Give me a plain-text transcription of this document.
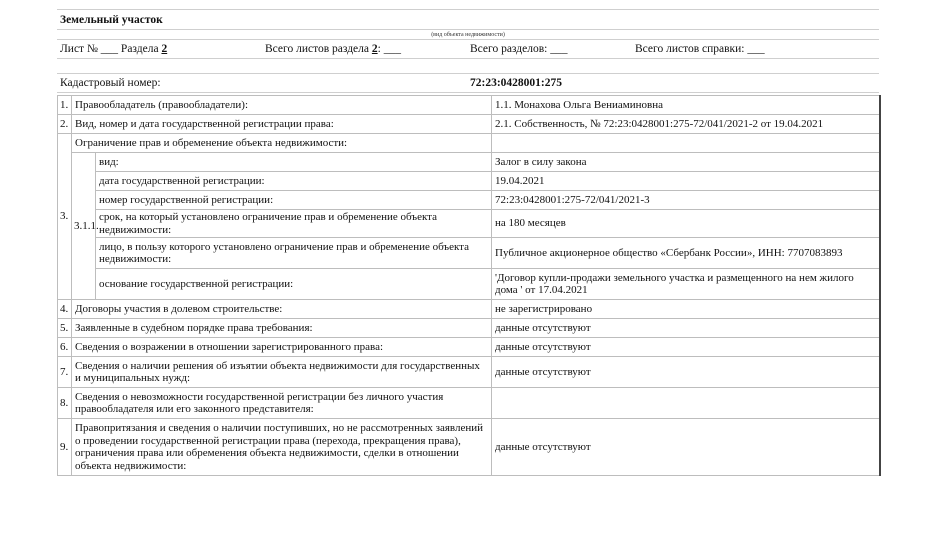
Земельный участок			
(вид объекта недвижимости)			
Лист № ___ Раздела 2	Всего листов раздела 2: ___	Всего разделов: ___	Всего листов справки: ___

Кадастровый номер:		72:23:0428001:275	
1.	Правообладатель (правообладатели):		1.1. Монахова Ольга Вениаминовна
2.	Вид, номер и дата государственной регистрации права:		2.1. Собственность, № 72:23:0428001:275-72/041/2021-2 от 19.04.2021
3.	Ограничение прав и обременение объекта недвижимости:		
	3.1.1.	вид:	Залог в силу закона
		дата государственной регистрации:	19.04.2021
		номер государственной регистрации:	72:23:0428001:275-72/041/2021-3
		срок, на который установлено ограничение прав и обременение объекта недвижимости:	на 180 месяцев
		лицо, в пользу которого установлено ограничение прав и обременение объекта недвижимости:	Публичное акционерное общество «Сбербанк России», ИНН: 7707083893
		основание государственной регистрации:	'Договор купли-продажи земельного участка и размещенного на нем жилого дома ' от 17.04.2021
4.	Договоры участия в долевом строительстве:		не зарегистрировано
5.	Заявленные в судебном порядке права требования:		данные отсутствуют
6.	Сведения о возражении в отношении зарегистрированного права:		данные отсутствуют
7.	Сведения о наличии решения об изъятии объекта недвижимости для государственных и муниципальных нужд:		данные отсутствуют
8.	Сведения о невозможности государственной регистрации без личного участия правообладателя или его законного представителя:		
9.	Правопритязания и сведения о наличии поступивших, но не рассмотренных заявлений о проведении государственной регистрации права (перехода, прекращения права), ограничения права или обременения объекта недвижимости, сделки в отношении объекта недвижимости:		данные отсутствуют
